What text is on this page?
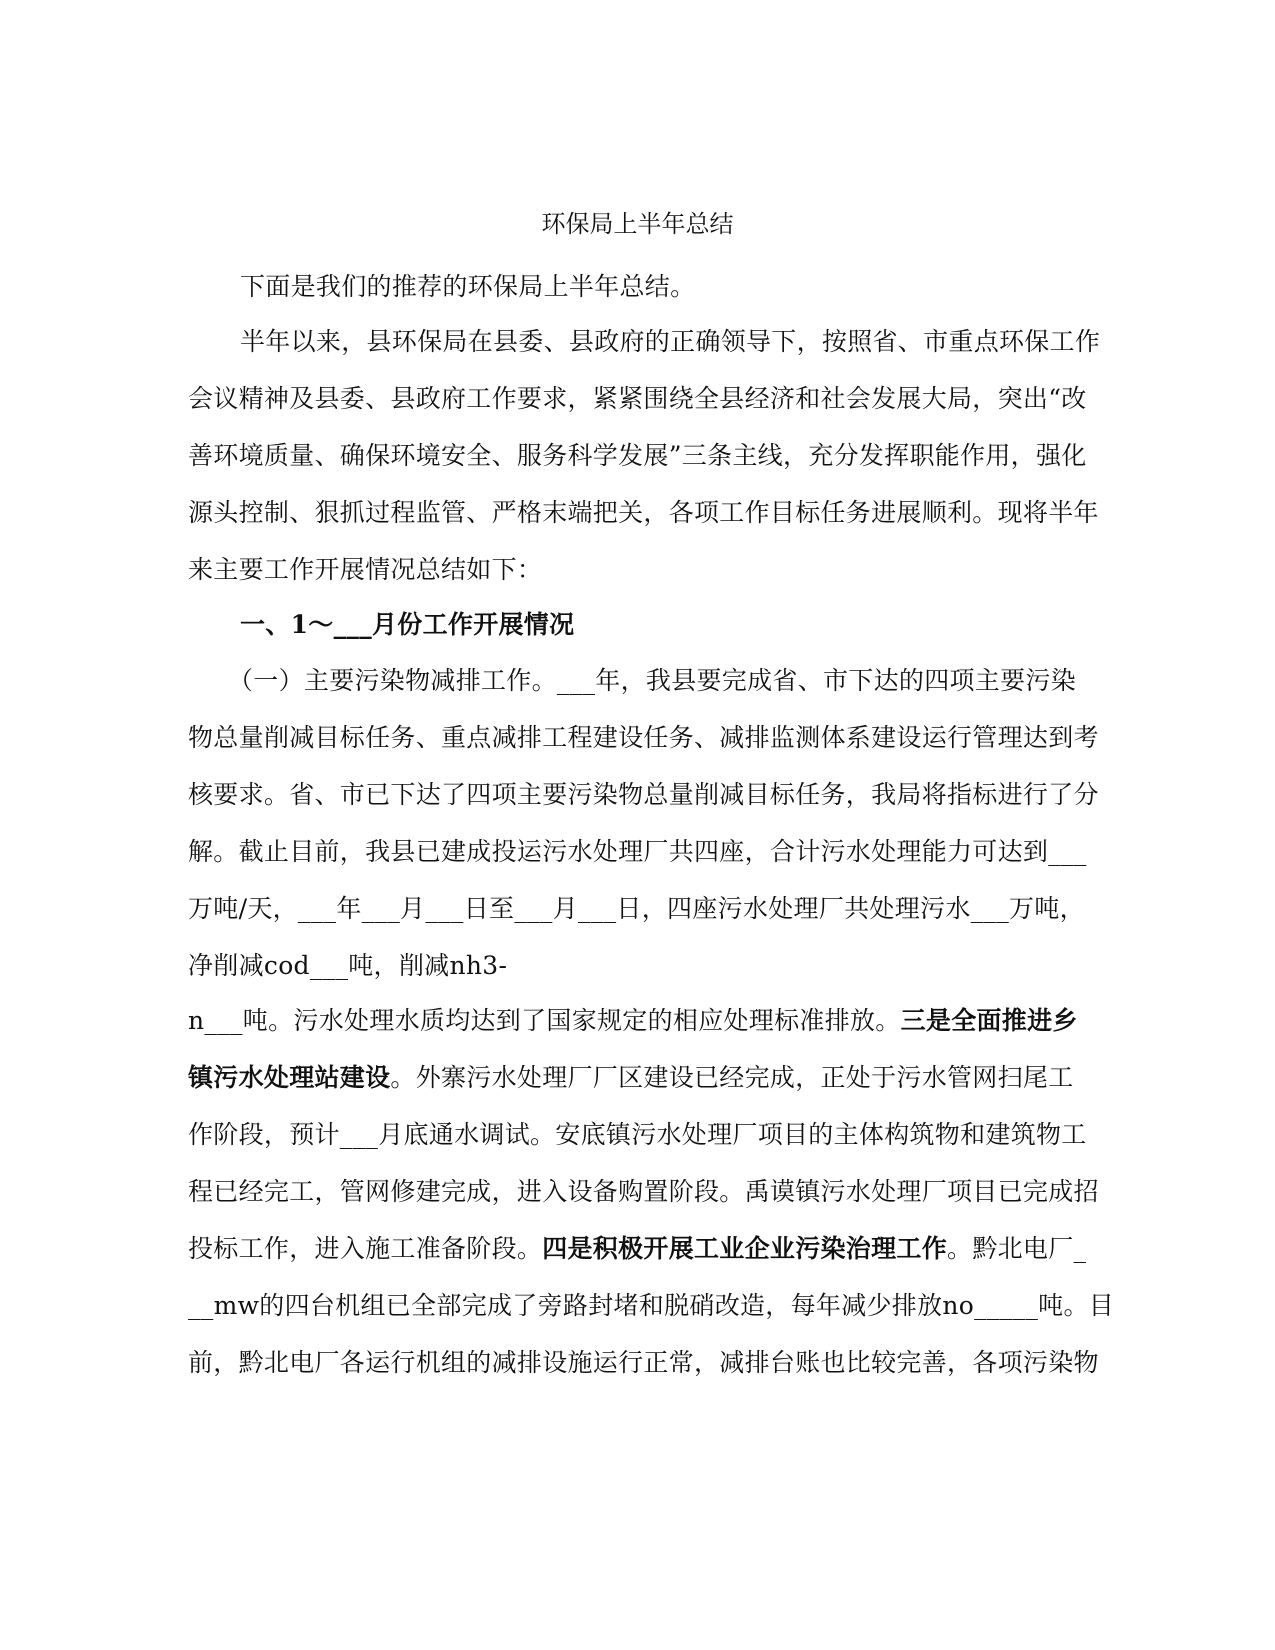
环保局上半年总结
下面是我们的推荐的环保局上半年总结。
半年以来，县环保局在县委、县政府的正确领导下，按照省、市重点环保工作
会议精神及县委、县政府工作要求，紧紧围绕全县经济和社会发展大局，突出“改
善环境质量、确保环境安全、服务科学发展”三条主线，充分发挥职能作用，强化
源头控制、狠抓过程监管、严格末端把关，各项工作目标任务进展顺利。现将半年
来主要工作开展情况总结如下：
一、1～___月份工作开展情况
（一）主要污染物减排工作。___年，我县要完成省、市下达的四项主要污染
物总量削减目标任务、重点减排工程建设任务、减排监测体系建设运行管理达到考
核要求。省、市已下达了四项主要污染物总量削减目标任务，我局将指标进行了分
解。截止目前，我县已建成投运污水处理厂共四座，合计污水处理能力可达到___
万吨/天，___年___月___日至___月___日，四座污水处理厂共处理污水___万吨，
净削减cod___吨，削减nh3-
n___吨。污水处理水质均达到了国家规定的相应处理标准排放。三是全面推进乡
镇污水处理站建设。外寨污水处理厂厂区建设已经完成，正处于污水管网扫尾工
作阶段，预计___月底通水调试。安底镇污水处理厂项目的主体构筑物和建筑物工
程已经完工，管网修建完成，进入设备购置阶段。禹谟镇污水处理厂项目已完成招
投标工作，进入施工准备阶段。四是积极开展工业企业污染治理工作。黔北电厂_
__mw的四台机组已全部完成了旁路封堵和脱硝改造，每年减少排放no_____吨。目
前，黔北电厂各运行机组的减排设施运行正常，减排台账也比较完善，各项污染物
